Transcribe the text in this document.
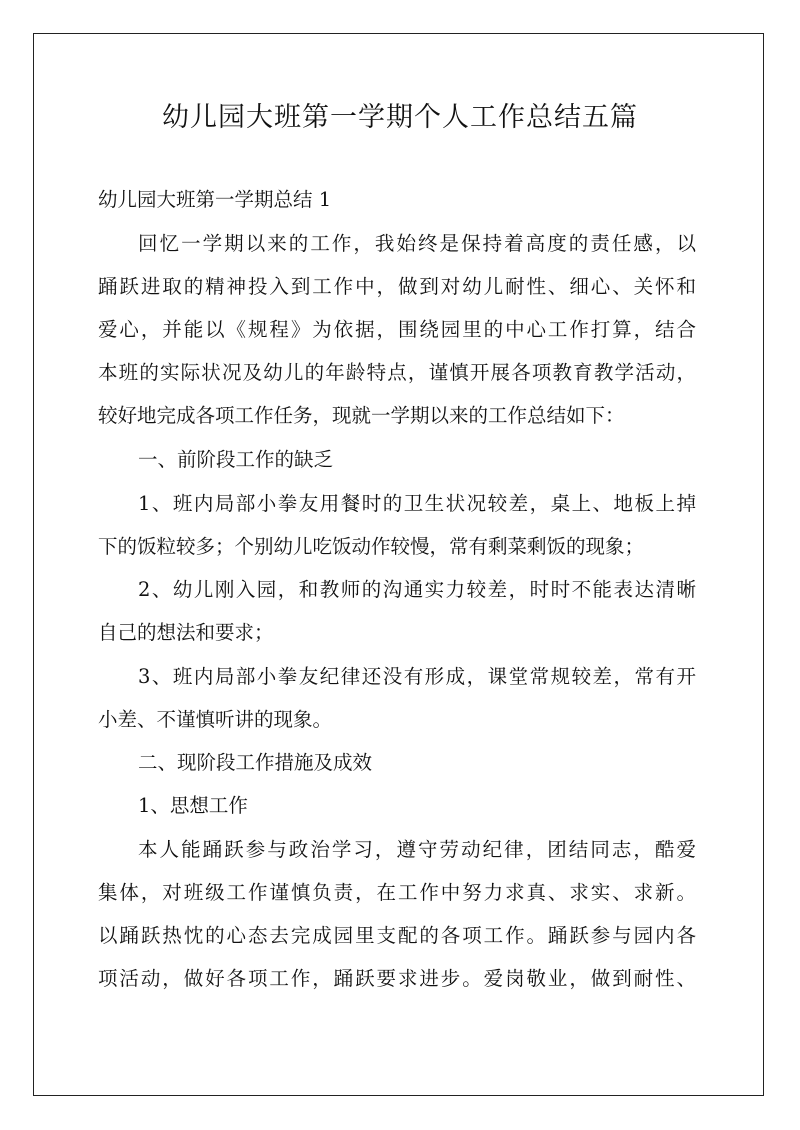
幼儿园大班第一学期个人工作总结五篇
幼儿园大班第一学期总结 1
回忆一学期以来的工作，我始终是保持着高度的责任感，以
踊跃进取的精神投入到工作中，做到对幼儿耐性、细心、关怀和
爱心，并能以《规程》为依据，围绕园里的中心工作打算，结合
本班的实际状况及幼儿的年龄特点，谨慎开展各项教育教学活动，
较好地完成各项工作任务，现就一学期以来的工作总结如下：
一、前阶段工作的缺乏
1、班内局部小拳友用餐时的卫生状况较差，桌上、地板上掉
下的饭粒较多；个别幼儿吃饭动作较慢，常有剩菜剩饭的现象；
2、幼儿刚入园，和教师的沟通实力较差，时时不能表达清晰
自己的想法和要求；
3、班内局部小拳友纪律还没有形成，课堂常规较差，常有开
小差、不谨慎听讲的现象。
二、现阶段工作措施及成效
1、思想工作
本人能踊跃参与政治学习，遵守劳动纪律，团结同志，酷爱
集体，对班级工作谨慎负责，在工作中努力求真、求实、求新。
以踊跃热忱的心态去完成园里支配的各项工作。踊跃参与园内各
项活动，做好各项工作，踊跃要求进步。爱岗敬业，做到耐性、
